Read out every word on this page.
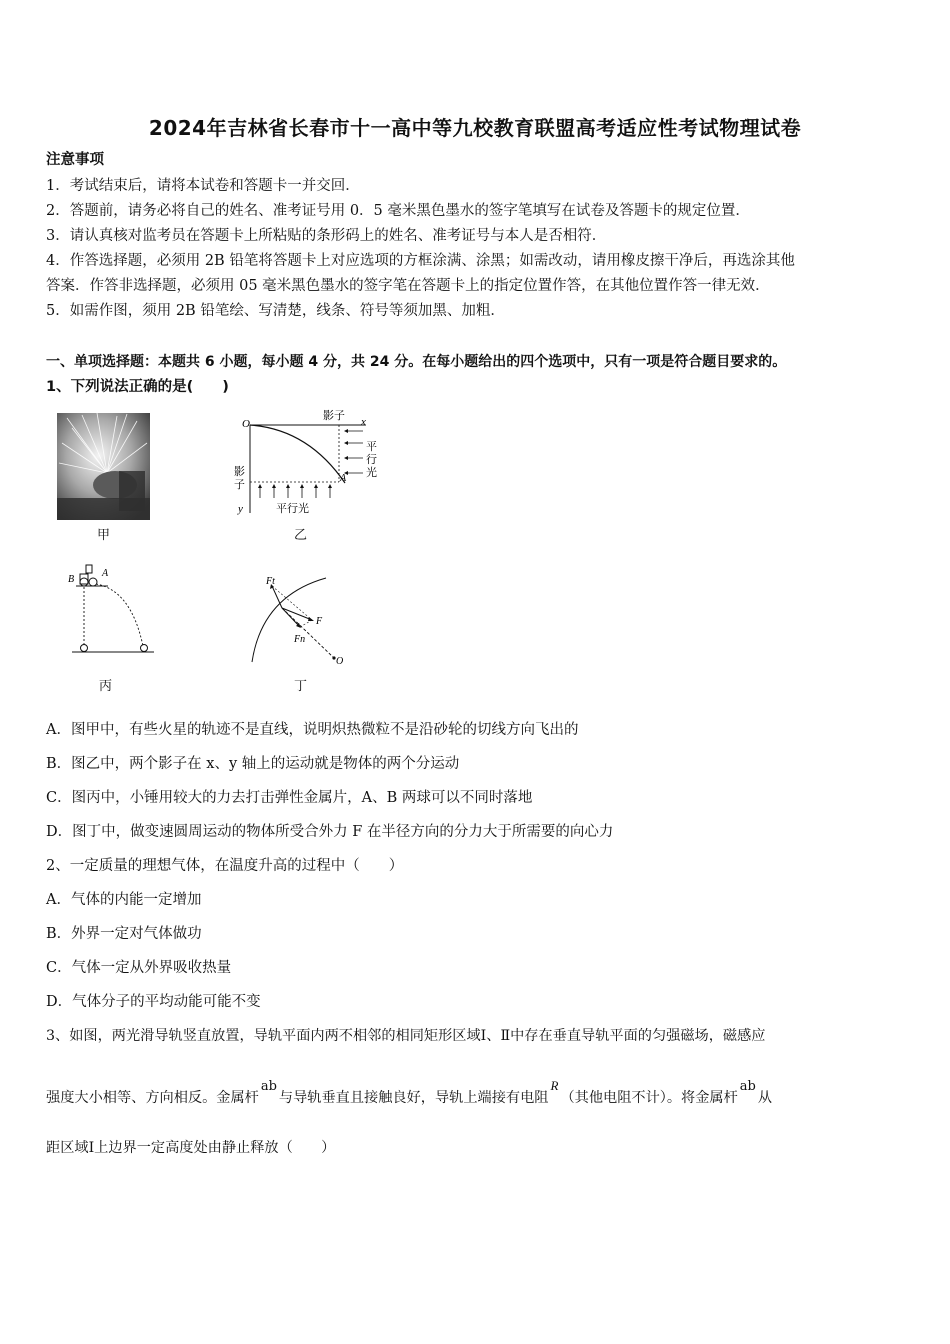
2024年吉林省长春市十一高中等九校教育联盟高考适应性考试物理试卷
注意事项
1．考试结束后，请将本试卷和答题卡一并交回．
2．答题前，请务必将自己的姓名、准考证号用 0．5 毫米黑色墨水的签字笔填写在试卷及答题卡的规定位置．
3．请认真核对监考员在答题卡上所粘贴的条形码上的姓名、准考证号与本人是否相符．
4．作答选择题，必须用 2B 铅笔将答题卡上对应选项的方框涂满、涂黑；如需改动，请用橡皮擦干净后，再选涂其他
答案．作答非选择题，必须用 05 毫米黑色墨水的签字笔在答题卡上的指定位置作答，在其他位置作答一律无效．
5．如需作图，须用 2B 铅笔绘、写清楚，线条、符号等须加黑、加粗．
一、单项选择题：本题共 6 小题，每小题 4 分，共 24 分。在每小题给出的四个选项中，只有一项是符合题目要求的。
1、下列说法正确的是(　　)
甲
O
影子 x
平
行
光
影
子
A
y	平行光
乙
B
A
丙
O
Ft
F
Fn
丁
A．图甲中，有些火星的轨迹不是直线，说明炽热微粒不是沿砂轮的切线方向飞出的
B．图乙中，两个影子在 x、y 轴上的运动就是物体的两个分运动
C．图丙中，小锤用较大的力去打击弹性金属片，A、B 两球可以不同时落地
D．图丁中，做变速圆周运动的物体所受合外力 F 在半径方向的分力大于所需要的向心力
2、一定质量的理想气体，在温度升高的过程中（　　）
A．气体的内能一定增加
B．外界一定对气体做功
C．气体一定从外界吸收热量
D．气体分子的平均动能可能不变
3、如图，两光滑导轨竖直放置，导轨平面内两不相邻的相同矩形区域Ⅰ、Ⅱ中存在垂直导轨平面的匀强磁场，磁感应
强度大小相等、方向相反。金属杆ab与导轨垂直且接触良好，导轨上端接有电阻R（其他电阻不计）。将金属杆ab从
距区域Ⅰ上边界一定高度处由静止释放（　　）
